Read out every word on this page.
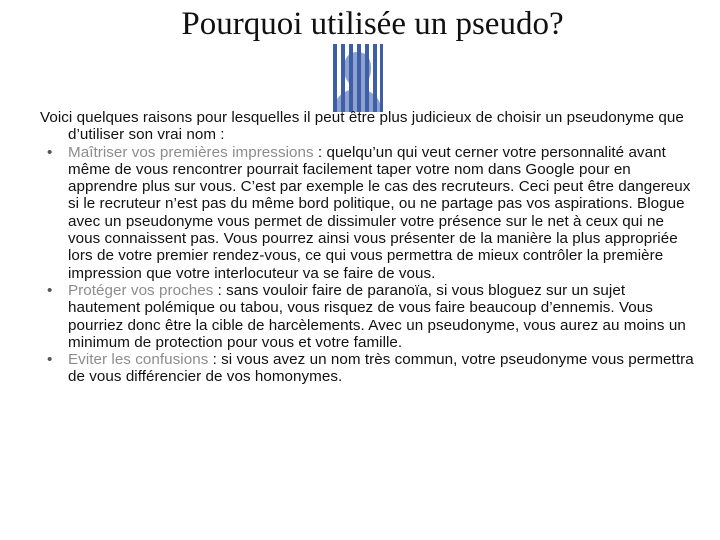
Pourquoi utilisée un pseudo?

Voici quelques raisons pour lesquelles il peut être plus judicieux de choisir un pseudonyme que d’utiliser son vrai nom :

• Maîtriser vos premières impressions : quelqu’un qui veut cerner votre personnalité avant même de vous rencontrer pourrait facilement taper votre nom dans Google pour en apprendre plus sur vous. C’est par exemple le cas des recruteurs. Ceci peut être dangereux si le recruteur n’est pas du même bord politique, ou ne partage pas vos aspirations. Blogue avec un pseudonyme vous permet de dissimuler votre présence sur le net à ceux qui ne vous connaissent pas. Vous pourrez ainsi vous présenter de la manière la plus appropriée lors de votre premier rendez-vous, ce qui vous permettra de mieux contrôler la première impression que votre interlocuteur va se faire de vous.
• Protéger vos proches : sans vouloir faire de paranoïa, si vous bloguez sur un sujet hautement polémique ou tabou, vous risquez de vous faire beaucoup d’ennemis. Vous pourriez donc être la cible de harcèlements. Avec un pseudonyme, vous aurez au moins un minimum de protection pour vous et votre famille.
• Eviter les confusions : si vous avez un nom très commun, votre pseudonyme vous permettra de vous différencier de vos homonymes.
